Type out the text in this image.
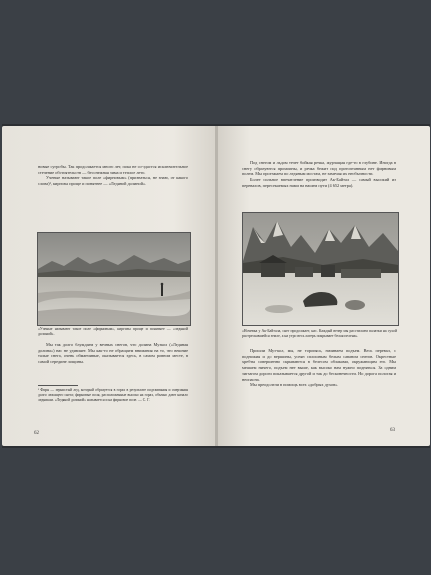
новые сугробы. Так продолжается много лет, пока не со-здастся исключительное стечение обстоятельств — бесснежная зима и теплое лето.

Ученые называют такое поле «фирновым» (признаться, не знаю, от какого слова)¹, киргизы проще и понятнее — «Ледяной долиной».

«Ученые называют такое поле «фирновым», киргизы проще и понятнее — «ледяной долиной».

Мы так долго блуждаем у вечных снегов, что долина Музкол («Ледяная долина») нас не удивляет. Мы как-то не обращаем внимания на то, что вешние талые снега, очень обманчивые, оказывается здесь, в самом ровном месте, в самой середине лощины.

¹ Фирн — зернистый лед, который образуется в горах в результате подтаивания и смерзания долго лежащего снега; фирновые поля, расположенные высоко на горах, обычно дают начало ледникам. «Ледяной долиной» называется и на фирновое поле. — С. Г.
62

Под снегом и льдом течет бойкая речка, журчащая где-то в глубине. Иногда в снегу образуются промоины, и речка бежит под протоптанным нет фирновым полем. Мы проезжаем по ледяным мостам, не замечая их необычности.

Более сильное впечатление производит Ак-Байтал — самый высокий из перевалов, пересекаемых нами на нашем пути (4 652 метра).

«Ночевка у Ак-Байтала, снег продолжает, нас. Каждый вечер мы расстилаем палатки на сухой растрескавшейся земле, а на утро весь лагерь покрывает белая пелена».

Прошли Муз-кол, мы, не торопясь, начинаем подъем. Весь перевал, с подножия и до вершины, усеян сплошным белым саваном снегов. Окрестные хребты совершенно скрываются в белесом облаками, окружающим его. Мы мешаем ничего, подъем нее выше, как высоко нам нужно подняться. За одним зигзагом дороги показывается другой и так до бесконечности. Но дорога пологая и неопасна.

Мы преодолели в помощь всех «добрых духов».

63
